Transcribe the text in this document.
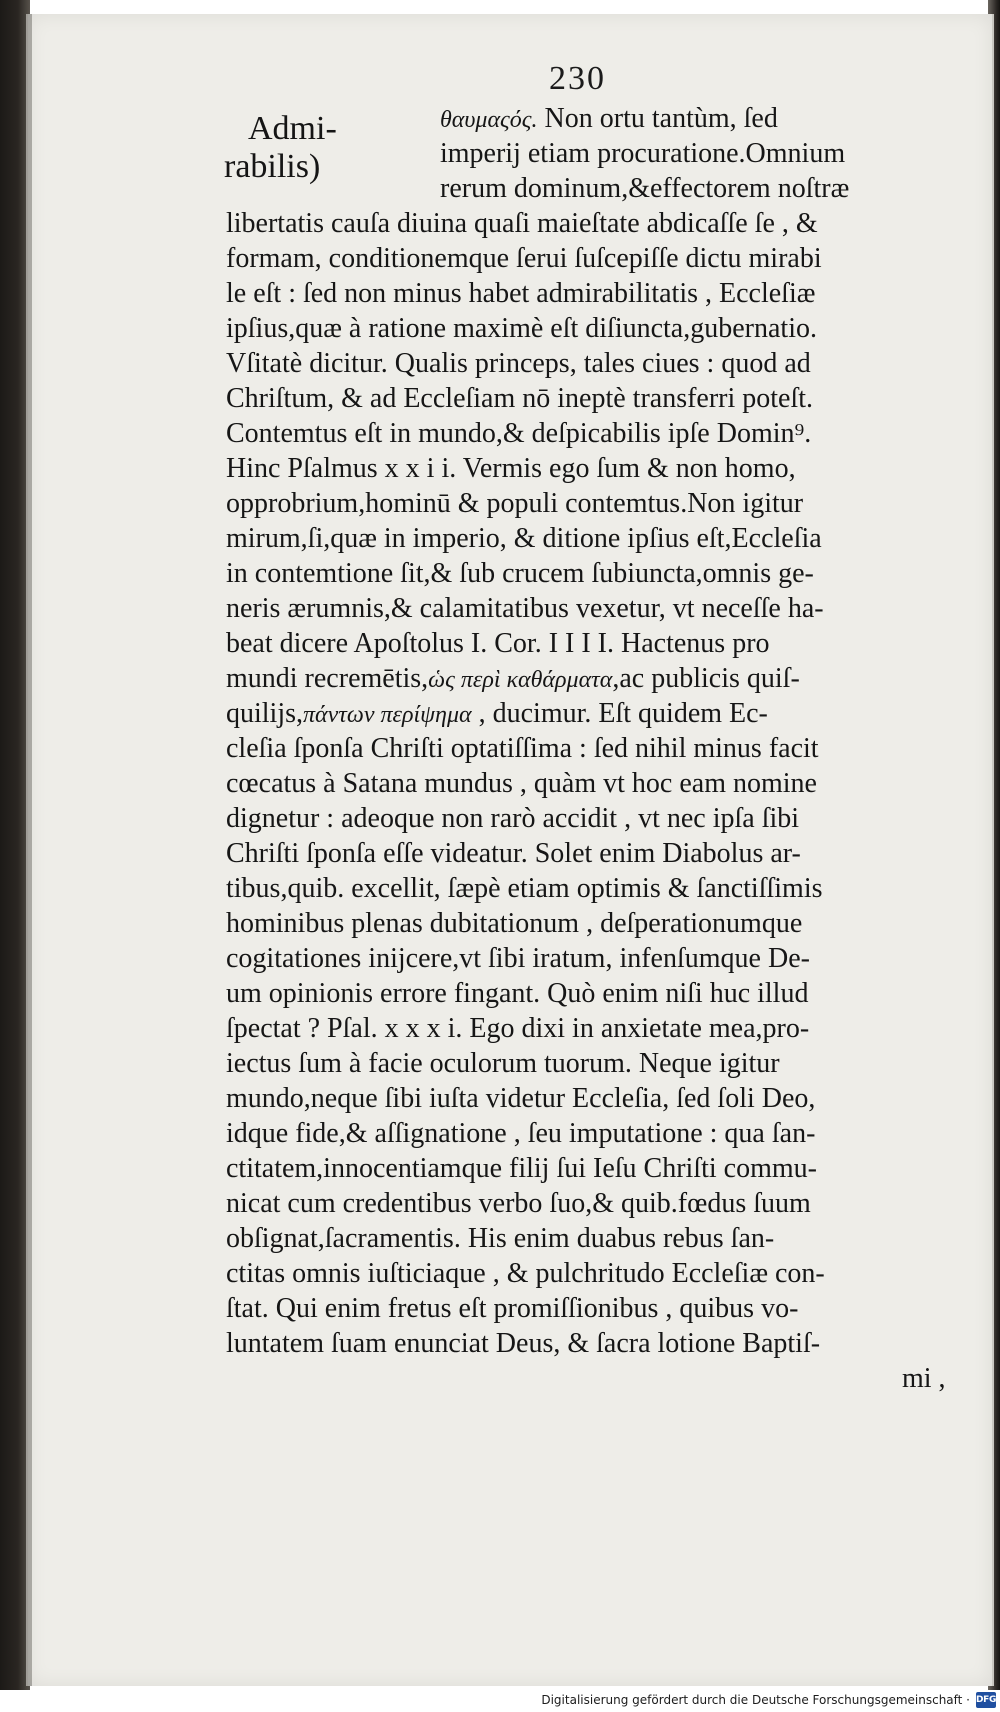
230
Admi-
rabilis)
θαυμαςός. Non ortu tantùm, ſed
imperij etiam procuratione.Omnium
rerum dominum,&effectorem noſtræ
libertatis cauſa diuina quaſi maieſtate abdicaſſe ſe , &
formam, conditionemque ſerui ſuſcepiſſe dictu mirabi
le eſt : ſed non minus habet admirabilitatis , Eccleſiæ
ipſius,quæ à ratione maximè eſt diſiuncta,gubernatio.
Vſitatè dicitur. Qualis princeps, tales ciues : quod ad
Chriſtum, & ad Eccleſiam nō ineptè transferri poteſt.
Contemtus eſt in mundo,& deſpicabilis ipſe Domin⁹.
Hinc Pſalmus x x i i. Vermis ego ſum & non homo,
opprobrium,hominū & populi contemtus.Non igitur
mirum,ſi,quæ in imperio, & ditione ipſius eſt,Eccleſia
in contemtione ſit,& ſub crucem ſubiuncta,omnis ge-
neris ærumnis,& calamitatibus vexetur, vt neceſſe ha-
beat dicere Apoſtolus I. Cor. I I I I. Hactenus pro
mundi recremētis,ὡς περὶ καθάρματα,ac publicis quiſ-
quilijs,πάντων περίψημα , ducimur. Eſt quidem Ec-
cleſia ſponſa Chriſti optatiſſima : ſed nihil minus facit
cœcatus à Satana mundus , quàm vt hoc eam nomine
dignetur : adeoque non rarò accidit , vt nec ipſa ſibi
Chriſti ſponſa eſſe videatur. Solet enim Diabolus ar-
tibus,quib. excellit, ſæpè etiam optimis & ſanctiſſimis
hominibus plenas dubitationum , deſperationumque
cogitationes inijcere,vt ſibi iratum, infenſumque De-
um opinionis errore fingant. Quò enim niſi huc illud
ſpectat ? Pſal. x x x i. Ego dixi in anxietate mea,pro-
iectus ſum à facie oculorum tuorum. Neque igitur
mundo,neque ſibi iuſta videtur Eccleſia, ſed ſoli Deo,
idque fide,& aſſignatione , ſeu imputatione : qua ſan-
ctitatem,innocentiamque filij ſui Ieſu Chriſti commu-
nicat cum credentibus verbo ſuo,& quib.fœdus ſuum
obſignat,ſacramentis. His enim duabus rebus ſan-
ctitas omnis iuſticiaque , & pulchritudo Eccleſiæ con-
ſtat. Qui enim fretus eſt promiſſionibus , quibus vo-
luntatem ſuam enunciat Deus, & ſacra lotione Baptiſ-
mi ,
Digitalisierung gefördert durch die Deutsche Forschungsgemeinschaft · DFG
